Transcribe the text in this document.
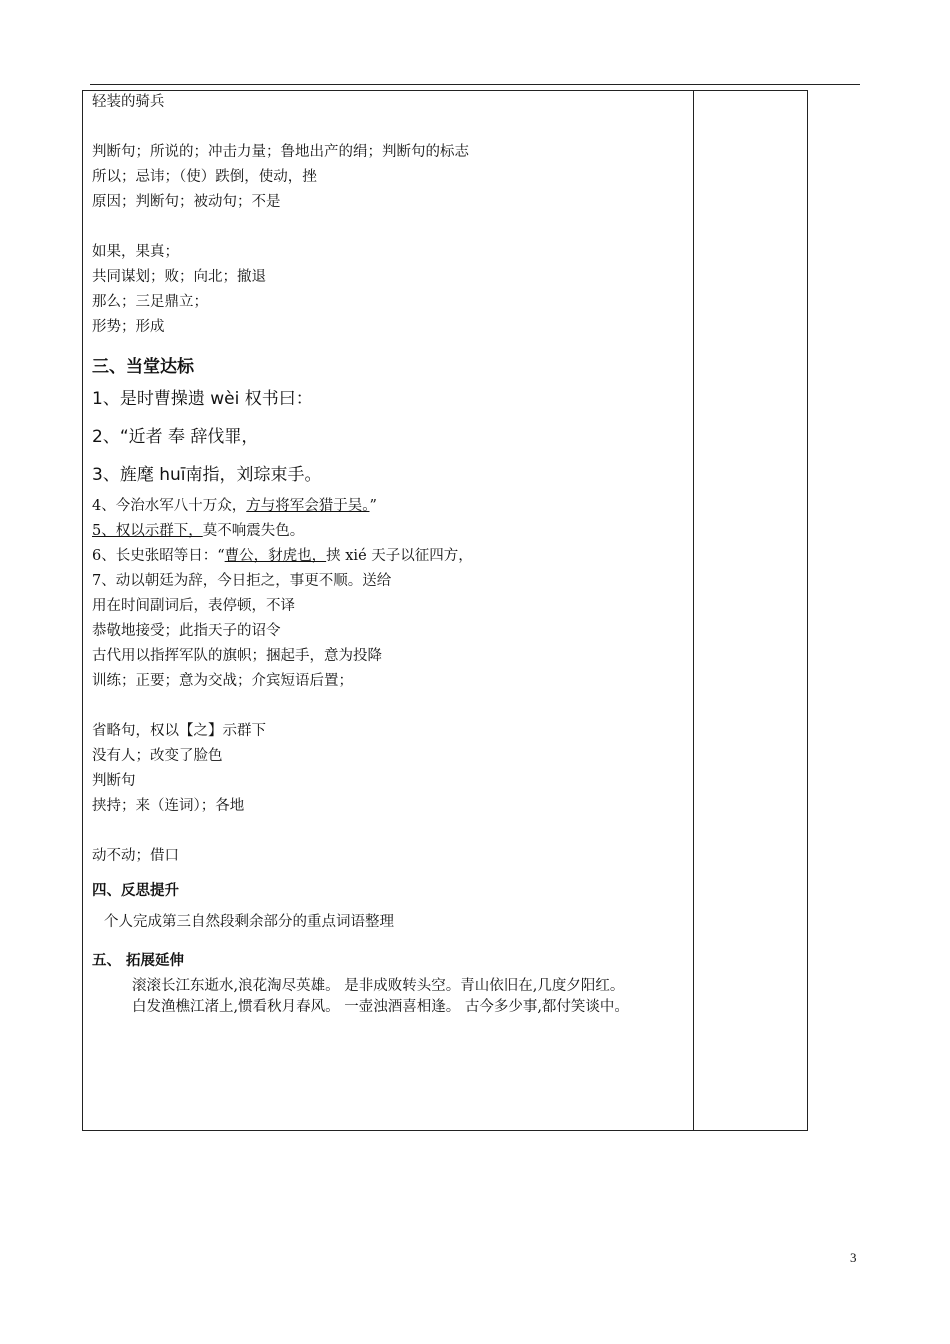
轻装的骑兵
判断句；所说的；冲击力量；鲁地出产的绢；判断句的标志
所以；忌讳；（使）跌倒，使动，挫
原因；判断句；被动句；不是
如果，果真；
共同谋划；败；向北；撤退
那么；三足鼎立；
形势；形成
三、当堂达标
1、是时曹操遗 wèi 权书曰：
2、“近者 奉 辞伐罪，
3、旌麾 huī南指，刘琮束手。
4、今治水军八十万众，方与将军会猎于吴。”
5、权以示群下，莫不响震失色。
6、长史张昭等日：“曹公，豺虎也，挟 xié 天子以征四方，
7、动以朝廷为辞，今日拒之，事更不顺。送给
用在时间副词后，表停顿，不译
恭敬地接受；此指天子的诏令
古代用以指挥军队的旗帜；捆起手，意为投降
训练；正要；意为交战；介宾短语后置；
省略句，权以【之】示群下
没有人；改变了脸色
判断句
挟持；来（连词）；各地
动不动；借口
四、反思提升
个人完成第三自然段剩余部分的重点词语整理
五、 拓展延伸
滚滚长江东逝水,浪花淘尽英雄。 是非成败转头空。青山依旧在,几度夕阳红。
白发渔樵江渚上,惯看秋月春风。 一壶浊酒喜相逢。 古今多少事,都付笑谈中。
3
